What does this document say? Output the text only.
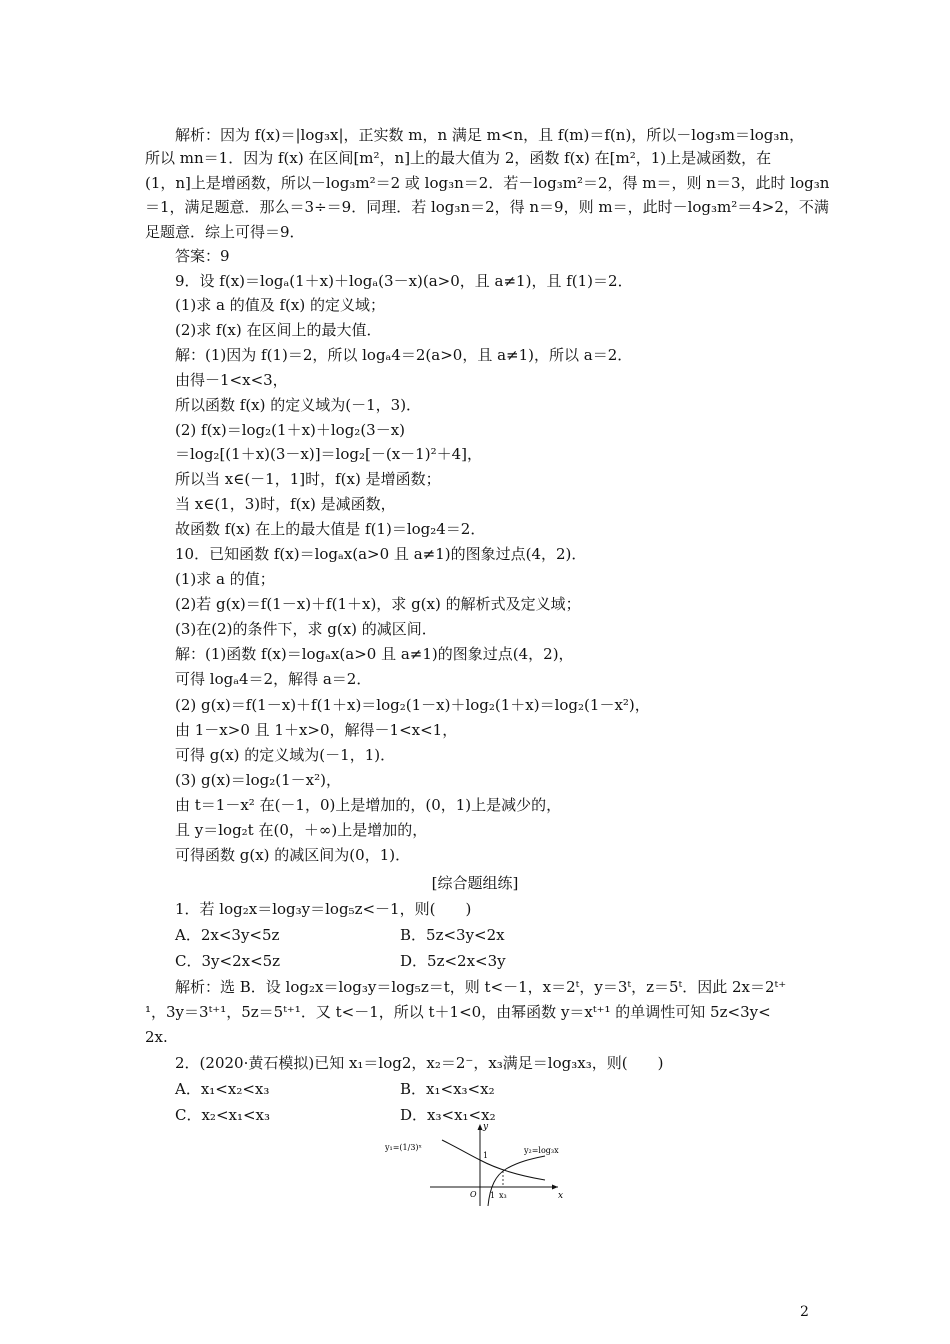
解析：因为 f(x)＝|log₃x|，正实数 m，n 满足 m<n，且 f(m)＝f(n)，所以－log₃m＝log₃n，
所以 mn＝1．因为 f(x) 在区间[m²，n]上的最大值为 2，函数 f(x) 在[m²，1)上是减函数，在
(1，n]上是增函数，所以－log₃m²＝2 或 log₃n＝2．若－log₃m²＝2，得 m＝，则 n＝3，此时 log₃n
＝1，满足题意．那么＝3÷＝9．同理．若 log₃n＝2，得 n＝9，则 m＝，此时－log₃m²＝4>2，不满
足题意．综上可得＝9．
答案：9
9．设 f(x)＝logₐ(1＋x)＋logₐ(3－x)(a>0，且 a≠1)，且 f(1)＝2．
(1)求 a 的值及 f(x) 的定义域；
(2)求 f(x) 在区间上的最大值．
解：(1)因为 f(1)＝2，所以 logₐ4＝2(a>0，且 a≠1)，所以 a＝2．
由得－1<x<3，
所以函数 f(x) 的定义域为(－1，3)．
(2) f(x)＝log₂(1＋x)＋log₂(3－x)
＝log₂[(1＋x)(3－x)]＝log₂[－(x－1)²＋4]，
所以当 x∈(－1，1]时，f(x) 是增函数；
当 x∈(1，3)时，f(x) 是减函数，
故函数 f(x) 在上的最大值是 f(1)＝log₂4＝2．
10．已知函数 f(x)＝logₐx(a>0 且 a≠1)的图象过点(4，2)．
(1)求 a 的值；
(2)若 g(x)＝f(1－x)＋f(1＋x)，求 g(x) 的解析式及定义域；
(3)在(2)的条件下，求 g(x) 的减区间．
解：(1)函数 f(x)＝logₐx(a>0 且 a≠1)的图象过点(4，2)，
可得 logₐ4＝2，解得 a＝2．
(2) g(x)＝f(1－x)＋f(1＋x)＝log₂(1－x)＋log₂(1＋x)＝log₂(1－x²)，
由 1－x>0 且 1＋x>0，解得－1<x<1，
可得 g(x) 的定义域为(－1，1)．
(3) g(x)＝log₂(1－x²)，
由 t＝1－x² 在(－1，0)上是增加的，(0，1)上是减少的，
且 y＝log₂t 在(0，＋∞)上是增加的，
可得函数 g(x) 的减区间为(0，1)．
[综合题组练]
1．若 log₂x＝log₃y＝log₅z<－1，则(　　)
A．2x<3y<5z	B．5z<3y<2x
C．3y<2x<5z	D．5z<2x<3y
解析：选 B．设 log₂x＝log₃y＝log₅z＝t，则 t<－1，x＝2ᵗ，y＝3ᵗ，z＝5ᵗ．因此 2x＝2ᵗ⁺
¹，3y＝3ᵗ⁺¹，5z＝5ᵗ⁺¹．又 t<－1，所以 t＋1<0，由幂函数 y＝xᵗ⁺¹ 的单调性可知 5z<3y<
2x.
2．(2020·黄石模拟)已知 x₁＝log2，x₂＝2⁻，x₃满足＝log₃x₃，则(　　)
A．x₁<x₂<x₃	B．x₁<x₃<x₂
C．x₂<x₁<x₃	D．x₃<x₁<x₂
y
x
O
y₁=(1/3)ˣ	y₂=log₃x
1
1 x₃
2
